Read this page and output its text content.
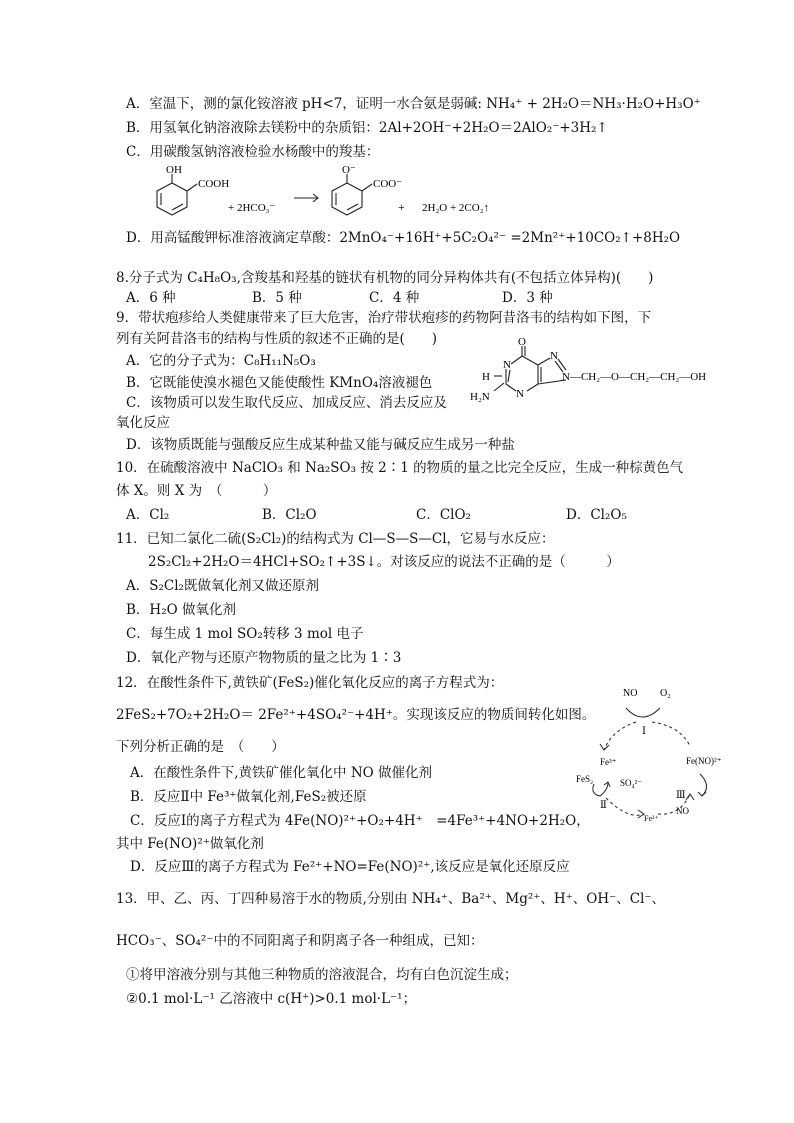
A．室温下，测的氯化铵溶液 pH<7，证明一水合氨是弱碱: NH₄⁺ + 2H₂O＝NH₃·H₂O+H₃O⁺
B．用氢氧化钠溶液除去镁粉中的杂质铝：2Al+2OH⁻+2H₂O＝2AlO₂⁻+3H₂↑
C．用碳酸氢钠溶液检验水杨酸中的羧基：
OH
COOH
+ 2HCO₃⁻
O⁻
COO⁻
+ 2H₂O + 2CO₂↑
D．用高锰酸钾标准溶液滴定草酸：2MnO₄⁻+16H⁺+5C₂O₄²⁻ =2Mn²⁺+10CO₂↑+8H₂O
8.分子式为 C₄H₈O₃,含羧基和羟基的链状有机物的同分异构体共有(不包括立体异构)(　　)
A．6 种	B．5 种	C．4 种	D．3 种
9．带状疱疹给人类健康带来了巨大危害，治疗带状疱疹的药物阿昔洛韦的结构如下图，下
列有关阿昔洛韦的结构与性质的叙述不正确的是(　　)
A．它的分子式为：C₈H₁₁N₅O₃
B．它既能使溴水褪色又能使酸性 KMnO₄溶液褪色
C．该物质可以发生取代反应、加成反应、消去反应及
氧化反应
D．该物质既能与强酸反应生成某种盐又能与碱反应生成另一种盐
O
H
N
H₂N N
N
N—CH₂—O—CH₂—CH₂—OH
10．在硫酸溶液中 NaClO₃ 和 Na₂SO₃ 按 2∶1 的物质的量之比完全反应，生成一种棕黄色气
体 X。则 X 为　（　　　）
A．Cl₂	B．Cl₂O	C．ClO₂	D．Cl₂O₅
11．已知二氯化二硫(S₂Cl₂)的结构式为 Cl—S—S—Cl，它易与水反应：
2S₂Cl₂+2H₂O＝4HCl+SO₂↑+3S↓。对该反应的说法不正确的是（　　　）
A．S₂Cl₂既做氧化剂又做还原剂
B．H₂O 做氧化剂
C．每生成 1 mol SO₂转移 3 mol 电子
D．氧化产物与还原产物物质的量之比为 1∶3
12．在酸性条件下,黄铁矿(FeS₂)催化氧化反应的离子方程式为：
2FeS₂+7O₂+2H₂O＝ 2Fe²⁺+4SO₄²⁻+4H⁺。实现该反应的物质间转化如图。
下列分析正确的是　（　　）
A．在酸性条件下,黄铁矿催化氧化中 NO 做催化剂
B．反应Ⅱ中 Fe³⁺做氧化剂,FeS₂被还原
C．反应Ⅰ的离子方程式为 4Fe(NO)²⁺+O₂+4H⁺　=4Fe³⁺+4NO+2H₂O，
其中 Fe(NO)²⁺做氧化剂
D．反应Ⅲ的离子方程式为 Fe²⁺+NO=Fe(NO)²⁺,该反应是氧化还原反应
NO O₂
Ⅰ
Fe³⁺	Fe(NO)²⁺
FeS₂	SO₄²⁻
Ⅱ
Ⅲ
Fe²⁺
NO
13．甲、乙、丙、丁四种易溶于水的物质,分别由 NH₄⁺、Ba²⁺、Mg²⁺、H⁺、OH⁻、Cl⁻、
HCO₃⁻、SO₄²⁻中的不同阳离子和阴离子各一种组成，已知：
①将甲溶液分别与其他三种物质的溶液混合，均有白色沉淀生成；
②0.1 mol·L⁻¹ 乙溶液中 c(H⁺)>0.1 mol·L⁻¹；
